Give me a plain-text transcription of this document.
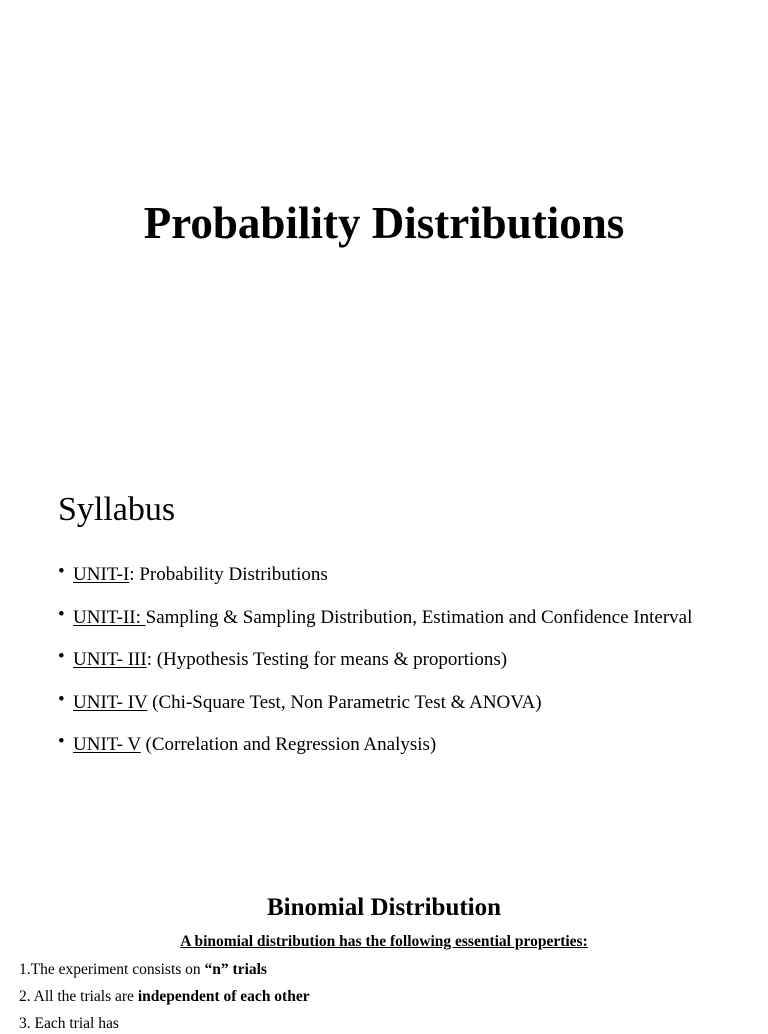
Probability Distributions
Syllabus
• UNIT-I: Probability Distributions
• UNIT-II: Sampling & Sampling Distribution, Estimation and Confidence Interval
• UNIT- III: (Hypothesis Testing for means & proportions)
• UNIT- IV (Chi-Square Test, Non Parametric Test & ANOVA)
• UNIT- V (Correlation and Regression Analysis)
Binomial Distribution
A binomial distribution has the following essential properties:
1.The experiment consists on “n” trials
2. All the trials are independent of each other
3. Each trial has
